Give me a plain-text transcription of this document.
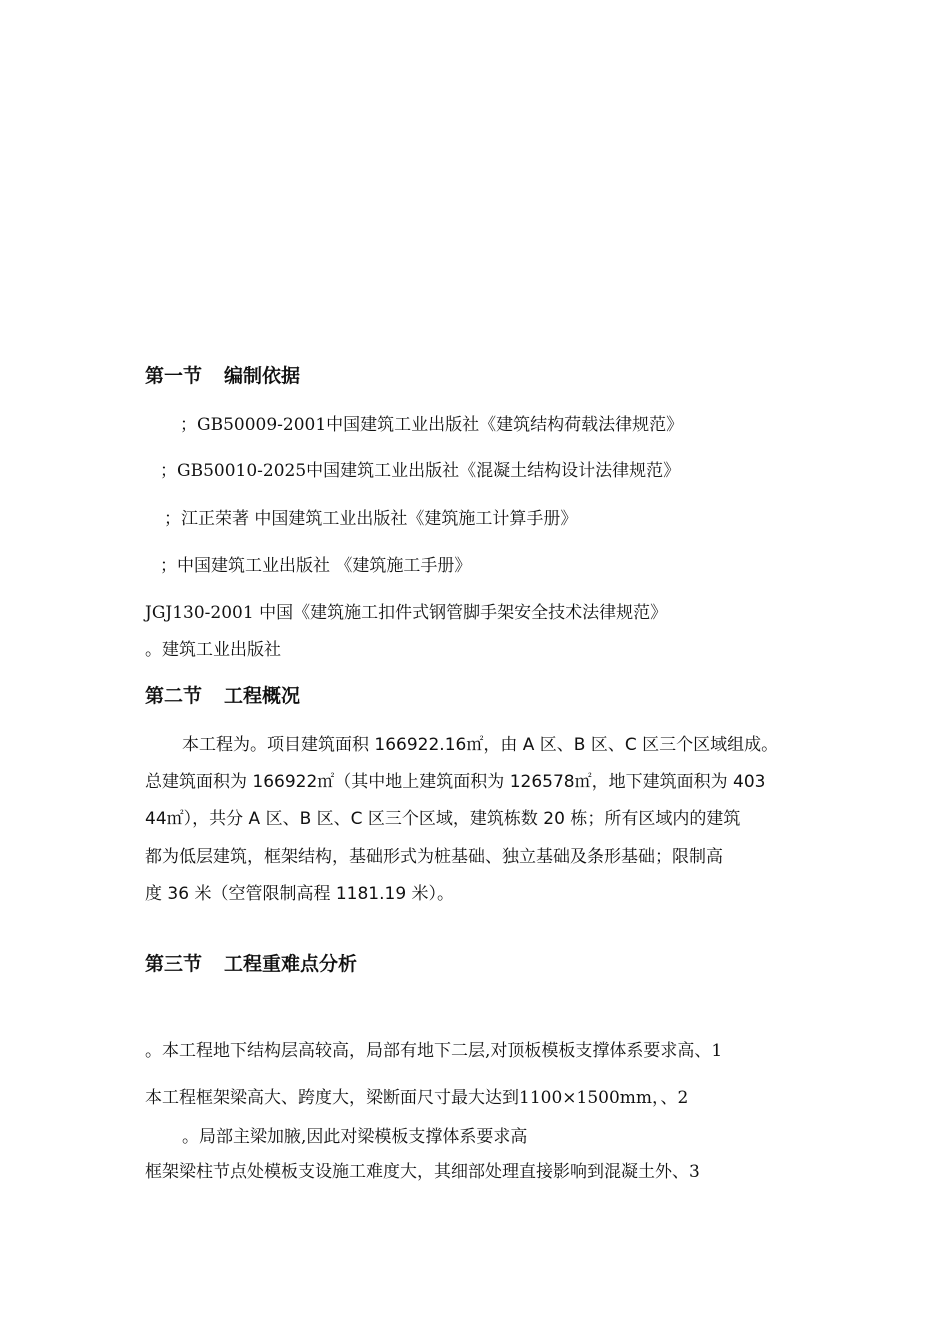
第一节 编制依据
；GB50009-2001中国建筑工业出版社《建筑结构荷载法律规范》
；GB50010-2025中国建筑工业出版社《混凝土结构设计法律规范》
；江正荣著 中国建筑工业出版社《建筑施工计算手册》
；中国建筑工业出版社 《建筑施工手册》
JGJ130-2001 中国《建筑施工扣件式钢管脚手架安全技术法律规范》
。建筑工业出版社
第二节 工程概况
本工程为。项目建筑面积 166922.16㎡，由 A 区、B 区、C 区三个区域组成。
总建筑面积为 166922㎡（其中地上建筑面积为 126578㎡，地下建筑面积为 403
44㎡），共分 A 区、B 区、C 区三个区域，建筑栋数 20 栋；所有区域内的建筑
都为低层建筑，框架结构，基础形式为桩基础、独立基础及条形基础；限制高
度 36 米（空管限制高程 1181.19 米）。
第三节 工程重难点分析
。本工程地下结构层高较高，局部有地下二层,对顶板模板支撑体系要求高、1
本工程框架梁高大、跨度大，梁断面尺寸最大达到1100×1500mm，、2
。局部主梁加腋,因此对梁模板支撑体系要求高
框架梁柱节点处模板支设施工难度大，其细部处理直接影响到混凝土外、3
